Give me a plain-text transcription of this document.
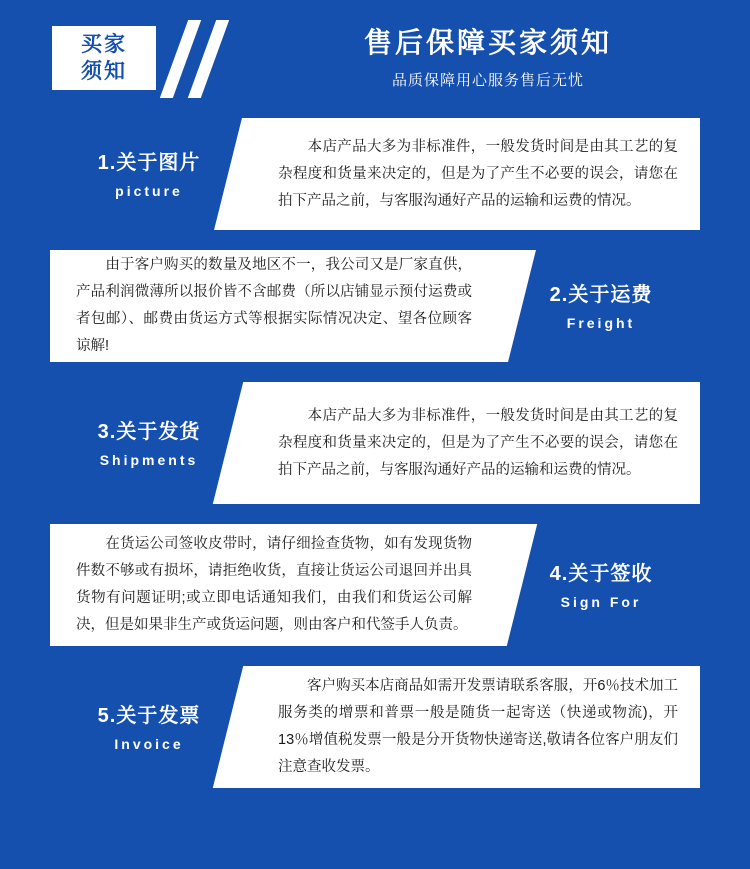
买家
须知
售后保障买家须知
品质保障用心服务售后无忧
1.关于图片
picture
　　本店产品大多为非标准件，一般发货时间是由其工艺的复杂程度和货量来决定的，但是为了产生不必要的误会，请您在拍下产品之前，与客服沟通好产品的运输和运费的情况。
2.关于运费
Freight
　　由于客户购买的数量及地区不一，我公司又是厂家直供，产品利润微薄所以报价皆不含邮费（所以店铺显示预付运费或者包邮）、邮费由货运方式等根据实际情况决定、望各位顾客谅解!
3.关于发货
Shipments
　　本店产品大多为非标准件，一般发货时间是由其工艺的复杂程度和货量来决定的，但是为了产生不必要的误会，请您在拍下产品之前，与客服沟通好产品的运输和运费的情况。
4.关于签收
Sign For
　　在货运公司签收皮带时，请仔细捡查货物，如有发现货物件数不够或有损坏，请拒绝收货，直接让货运公司退回并出具货物有问题证明;或立即电话通知我们，由我们和货运公司解决，但是如果非生产或货运问题，则由客户和代签手人负责。
5.关于发票
Invoice
　　客户购买本店商品如需开发票请联系客服，开6％技术加工服务类的增票和普票一般是随货一起寄送（快递或物流)，开13％增值税发票一般是分开货物快递寄送,敬请各位客户朋友们注意查收发票。
